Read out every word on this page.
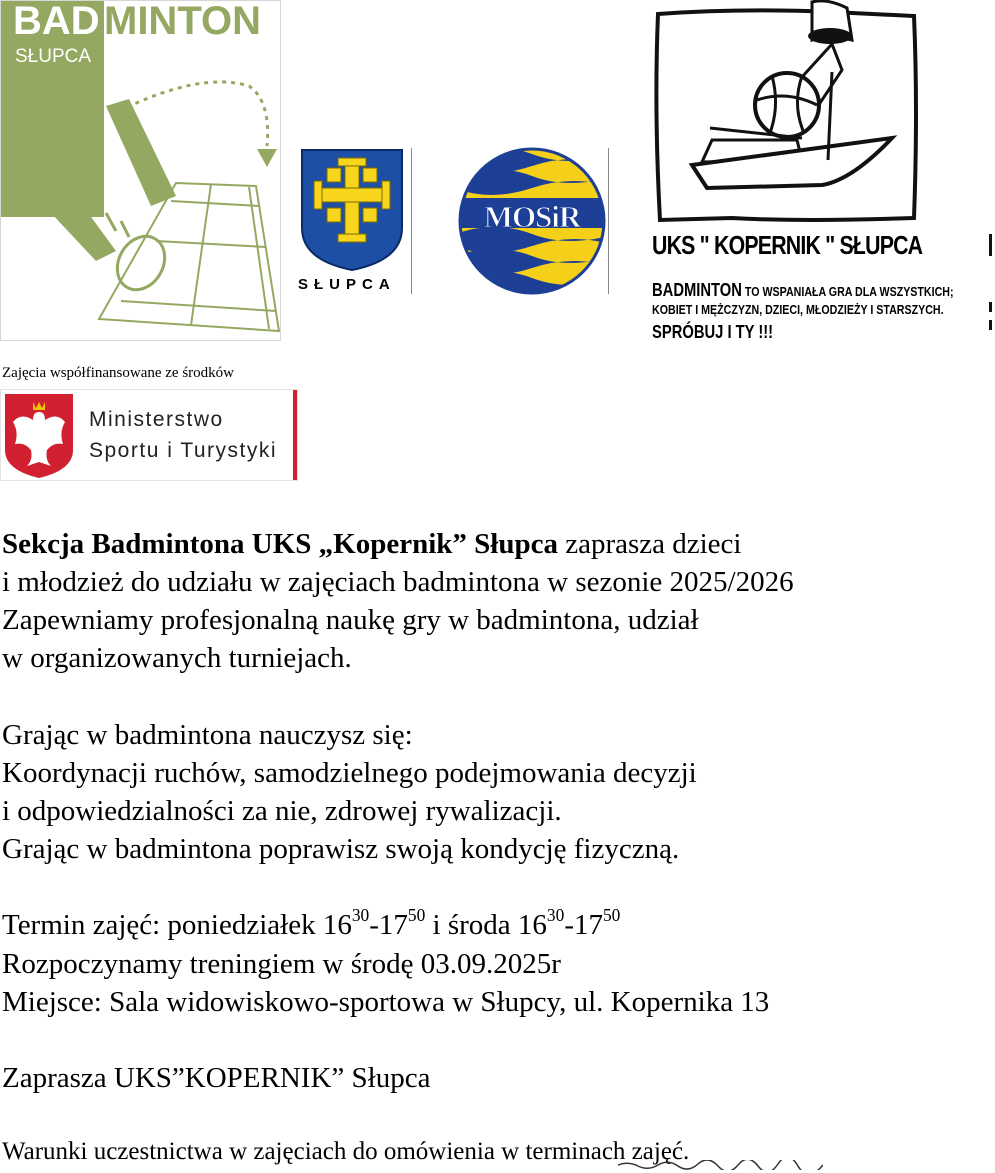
BAD MINTON
SŁUPCA
SŁUPCA
MOSiR
UKS " KOPERNIK " SŁUPCA
BADMINTON TO WSPANIAŁA GRA DLA WSZYSTKICH;
KOBIET I MĘŻCZYZN, DZIECI, MŁODZIEŻY I STARSZYCH.
SPRÓBUJ I TY !!!
Zajęcia współfinansowane ze środków
Ministerstwo
Sportu i Turystyki
Sekcja Badmintona UKS „Kopernik” Słupca zaprasza dzieci
i młodzież do udziału w zajęciach badmintona w sezonie 2025/2026
Zapewniamy profesjonalną naukę gry w badmintona, udział
w organizowanych turniejach.
Grając w badmintona nauczysz się:
Koordynacji ruchów, samodzielnego podejmowania decyzji
i odpowiedzialności za nie, zdrowej rywalizacji.
Grając w badmintona poprawisz swoją kondycję fizyczną.
Termin zajęć: poniedziałek $16^{30}-17^{50}$ i środa $16^{30}-17^{50}$
Rozpoczynamy treningiem w środę 03.09.2025r
Miejsce: Sala widowiskowo-sportowa w Słupcy, ul. Kopernika 13
Zaprasza UKS”KOPERNIK” Słupca
Warunki uczestnictwa w zajęciach do omówienia w terminach zajęć.
